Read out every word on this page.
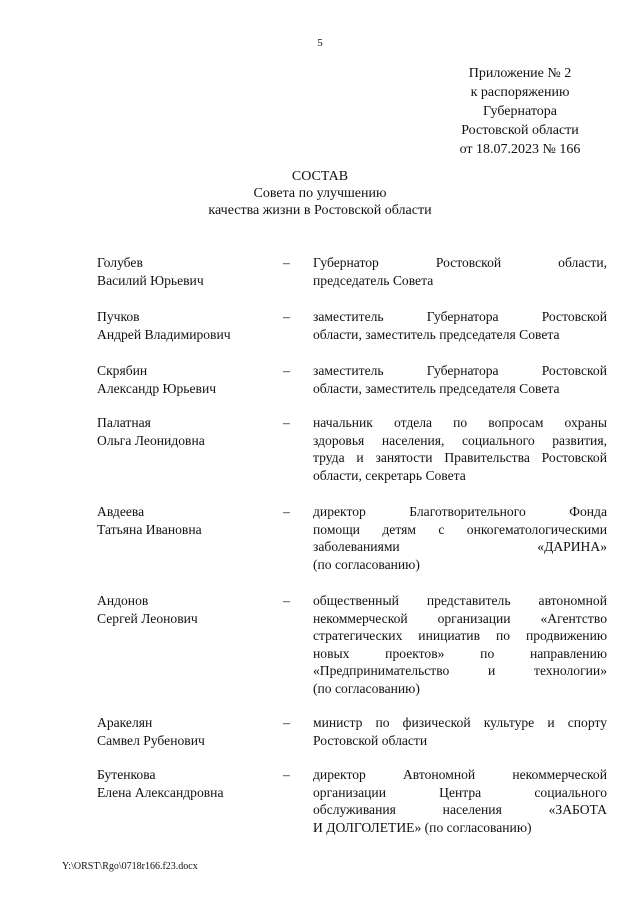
5
Приложение № 2
к распоряжению
Губернатора
Ростовской области
от 18.07.2023 № 166
СОСТАВ
Совета по улучшению
качества жизни в Ростовской области
Голубев
Василий Юрьевич
– Губернатор Ростовской области,
председатель Совета
Пучков
Андрей Владимирович
– заместитель Губернатора Ростовской
области, заместитель председателя Совета
Скрябин
Александр Юрьевич
– заместитель Губернатора Ростовской
области, заместитель председателя Совета
Палатная
Ольга Леонидовна
– начальник отдела по вопросам охраны
здоровья населения, социального развития,
труда и занятости Правительства Ростовской
области, секретарь Совета
Авдеева
Татьяна Ивановна
– директор Благотворительного Фонда
помощи детям с онкогематологическими
заболеваниями «ДАРИНА»
(по согласованию)
Андонов
Сергей Леонович
– общественный представитель автономной
некоммерческой организации «Агентство
стратегических инициатив по продвижению
новых проектов» по направлению
«Предпринимательство и технологии»
(по согласованию)
Аракелян
Самвел Рубенович
– министр по физической культуре и спорту
Ростовской области
Бутенкова
Елена Александровна
– директор Автономной некоммерческой
организации Центра социального
обслуживания населения «ЗАБОТА
И ДОЛГОЛЕТИЕ» (по согласованию)
Y:\ORST\Rgo\0718r166.f23.docx
